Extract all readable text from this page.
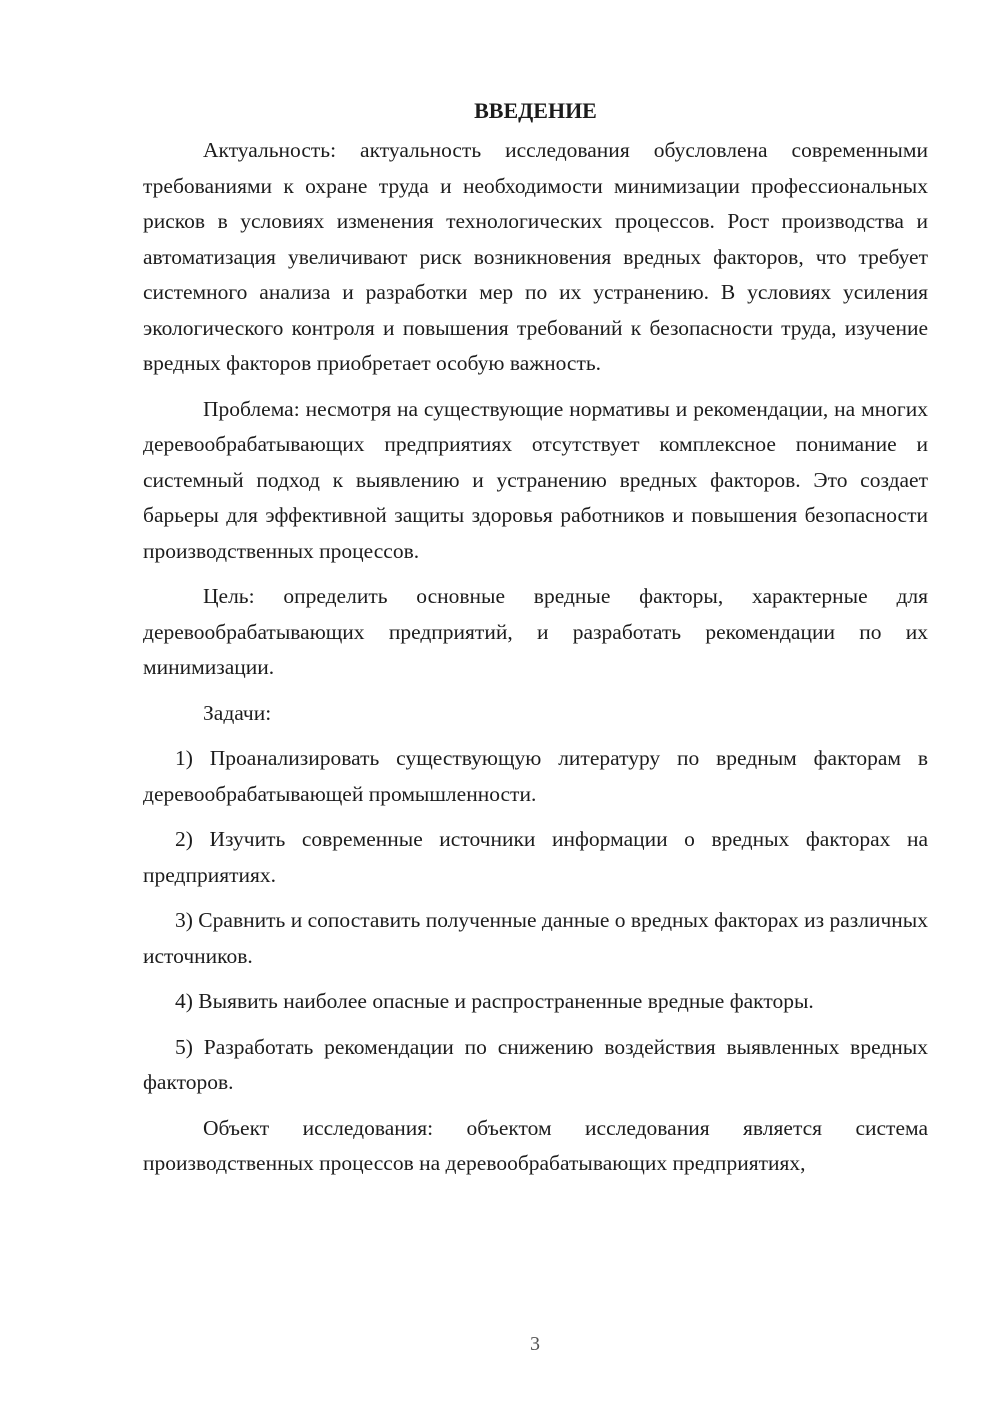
ВВЕДЕНИЕ

Актуальность: актуальность исследования обусловлена современными требованиями к охране труда и необходимости минимизации профессиональных рисков в условиях изменения технологических процессов. Рост производства и автоматизация увеличивают риск возникновения вредных факторов, что требует системного анализа и разработки мер по их устранению. В условиях усиления экологического контроля и повышения требований к безопасности труда, изучение вредных факторов приобретает особую важность.

Проблема: несмотря на существующие нормативы и рекомендации, на многих деревообрабатывающих предприятиях отсутствует комплексное понимание и системный подход к выявлению и устранению вредных факторов. Это создает барьеры для эффективной защиты здоровья работников и повышения безопасности производственных процессов.

Цель: определить основные вредные факторы, характерные для деревообрабатывающих предприятий, и разработать рекомендации по их минимизации.

Задачи:

1) Проанализировать существующую литературу по вредным факторам в деревообрабатывающей промышленности.

2) Изучить современные источники информации о вредных факторах на предприятиях.

3) Сравнить и сопоставить полученные данные о вредных факторах из различных источников.

4) Выявить наиболее опасные и распространенные вредные факторы.

5) Разработать рекомендации по снижению воздействия выявленных вредных факторов.

Объект исследования: объектом исследования является система производственных процессов на деревообрабатывающих предприятиях,

3
